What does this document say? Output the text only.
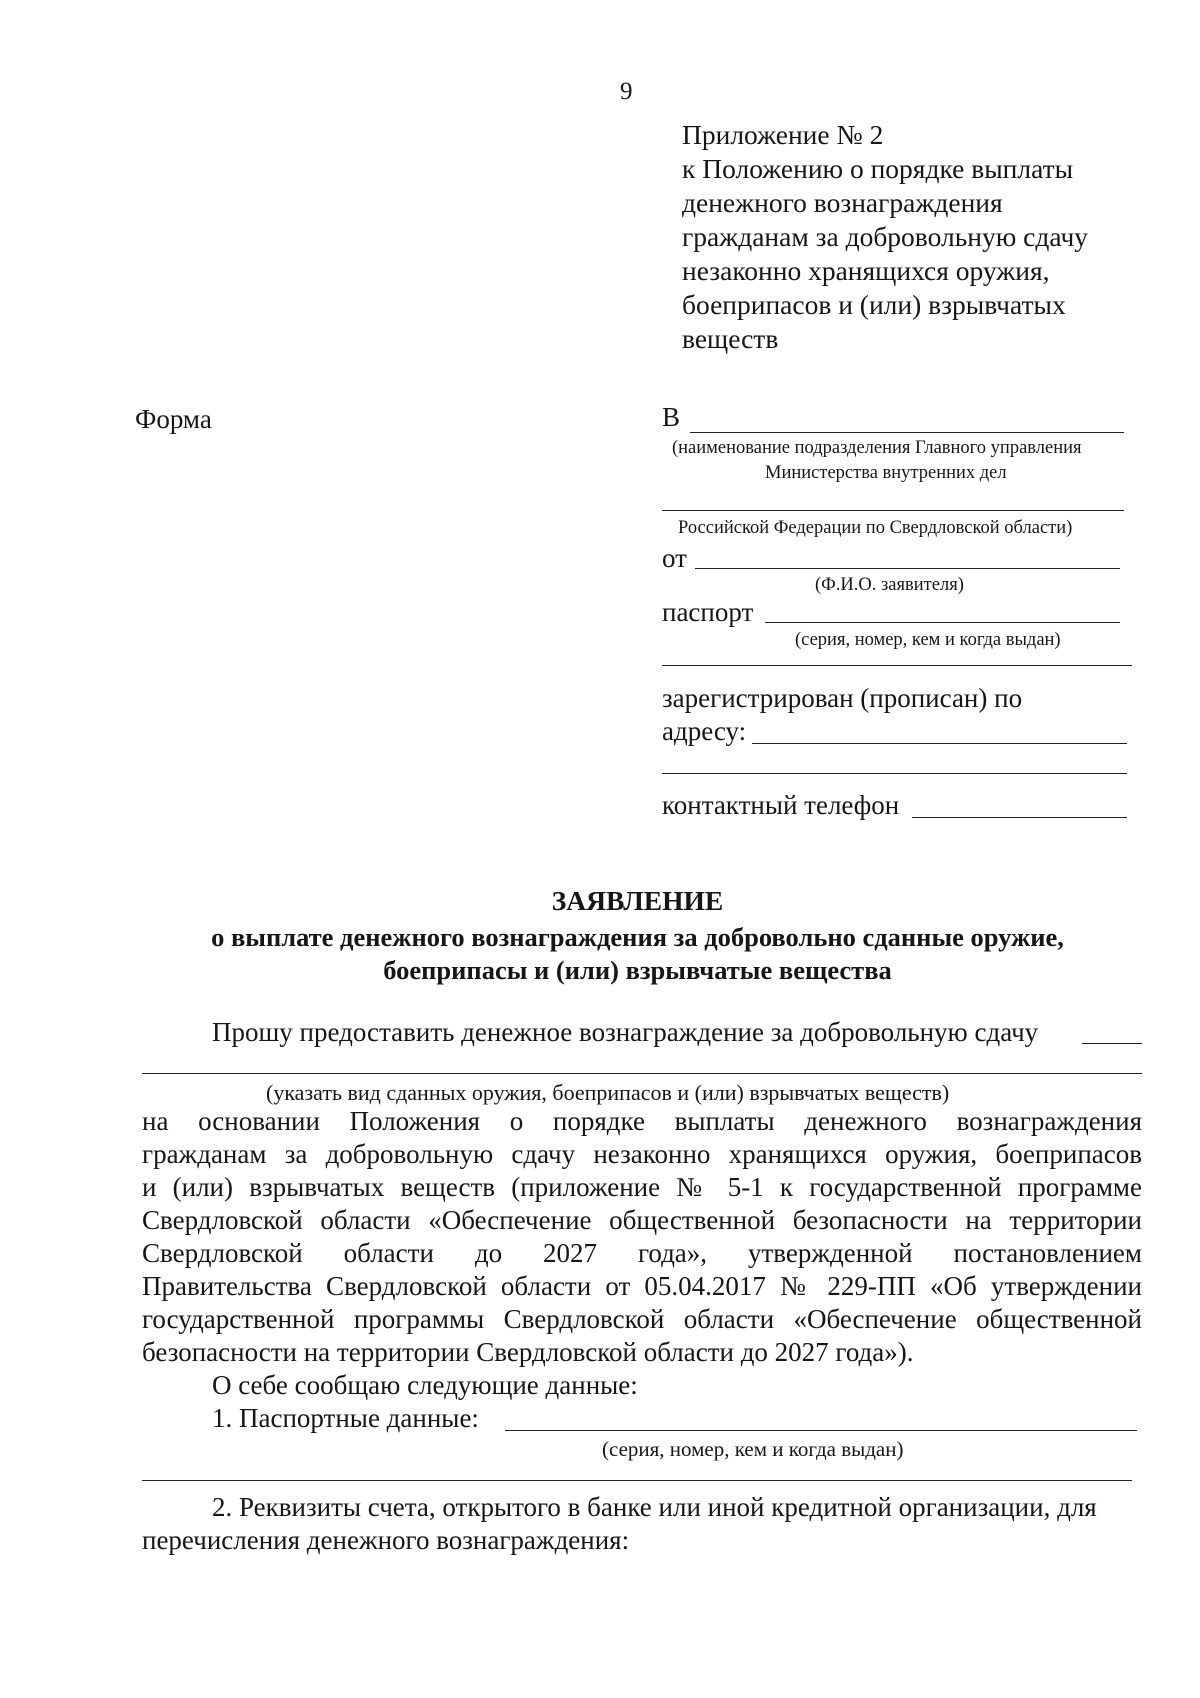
9
Приложение № 2
к Положению о порядке выплаты
денежного вознаграждения
гражданам за добровольную сдачу
незаконно хранящихся оружия,
боеприпасов и (или) взрывчатых
веществ
Форма	В
(наименование подразделения Главного управления
Министерства внутренних дел
Российской Федерации по Свердловской области)
от
(Ф.И.О. заявителя)
паспорт
(серия, номер, кем и когда выдан)
зарегистрирован (прописан) по
адресу:
контактный телефон
ЗАЯВЛЕНИЕ
о выплате денежного вознаграждения за добровольно сданные оружие,
боеприпасы и (или) взрывчатые вещества
Прошу предоставить денежное вознаграждение за добровольную сдачу
(указать вид сданных оружия, боеприпасов и (или) взрывчатых веществ)
на основании Положения о порядке выплаты денежного вознаграждения
гражданам за добровольную сдачу незаконно хранящихся оружия, боеприпасов
и (или) взрывчатых веществ (приложение № 5-1 к государственной программе
Свердловской области «Обеспечение общественной безопасности на территории
Свердловской области до 2027 года», утвержденной постановлением
Правительства Свердловской области от 05.04.2017 № 229-ПП «Об утверждении
государственной программы Свердловской области «Обеспечение общественной
безопасности на территории Свердловской области до 2027 года»).
О себе сообщаю следующие данные:
1. Паспортные данные:
(серия, номер, кем и когда выдан)
2. Реквизиты счета, открытого в банке или иной кредитной организации, для
перечисления денежного вознаграждения:
